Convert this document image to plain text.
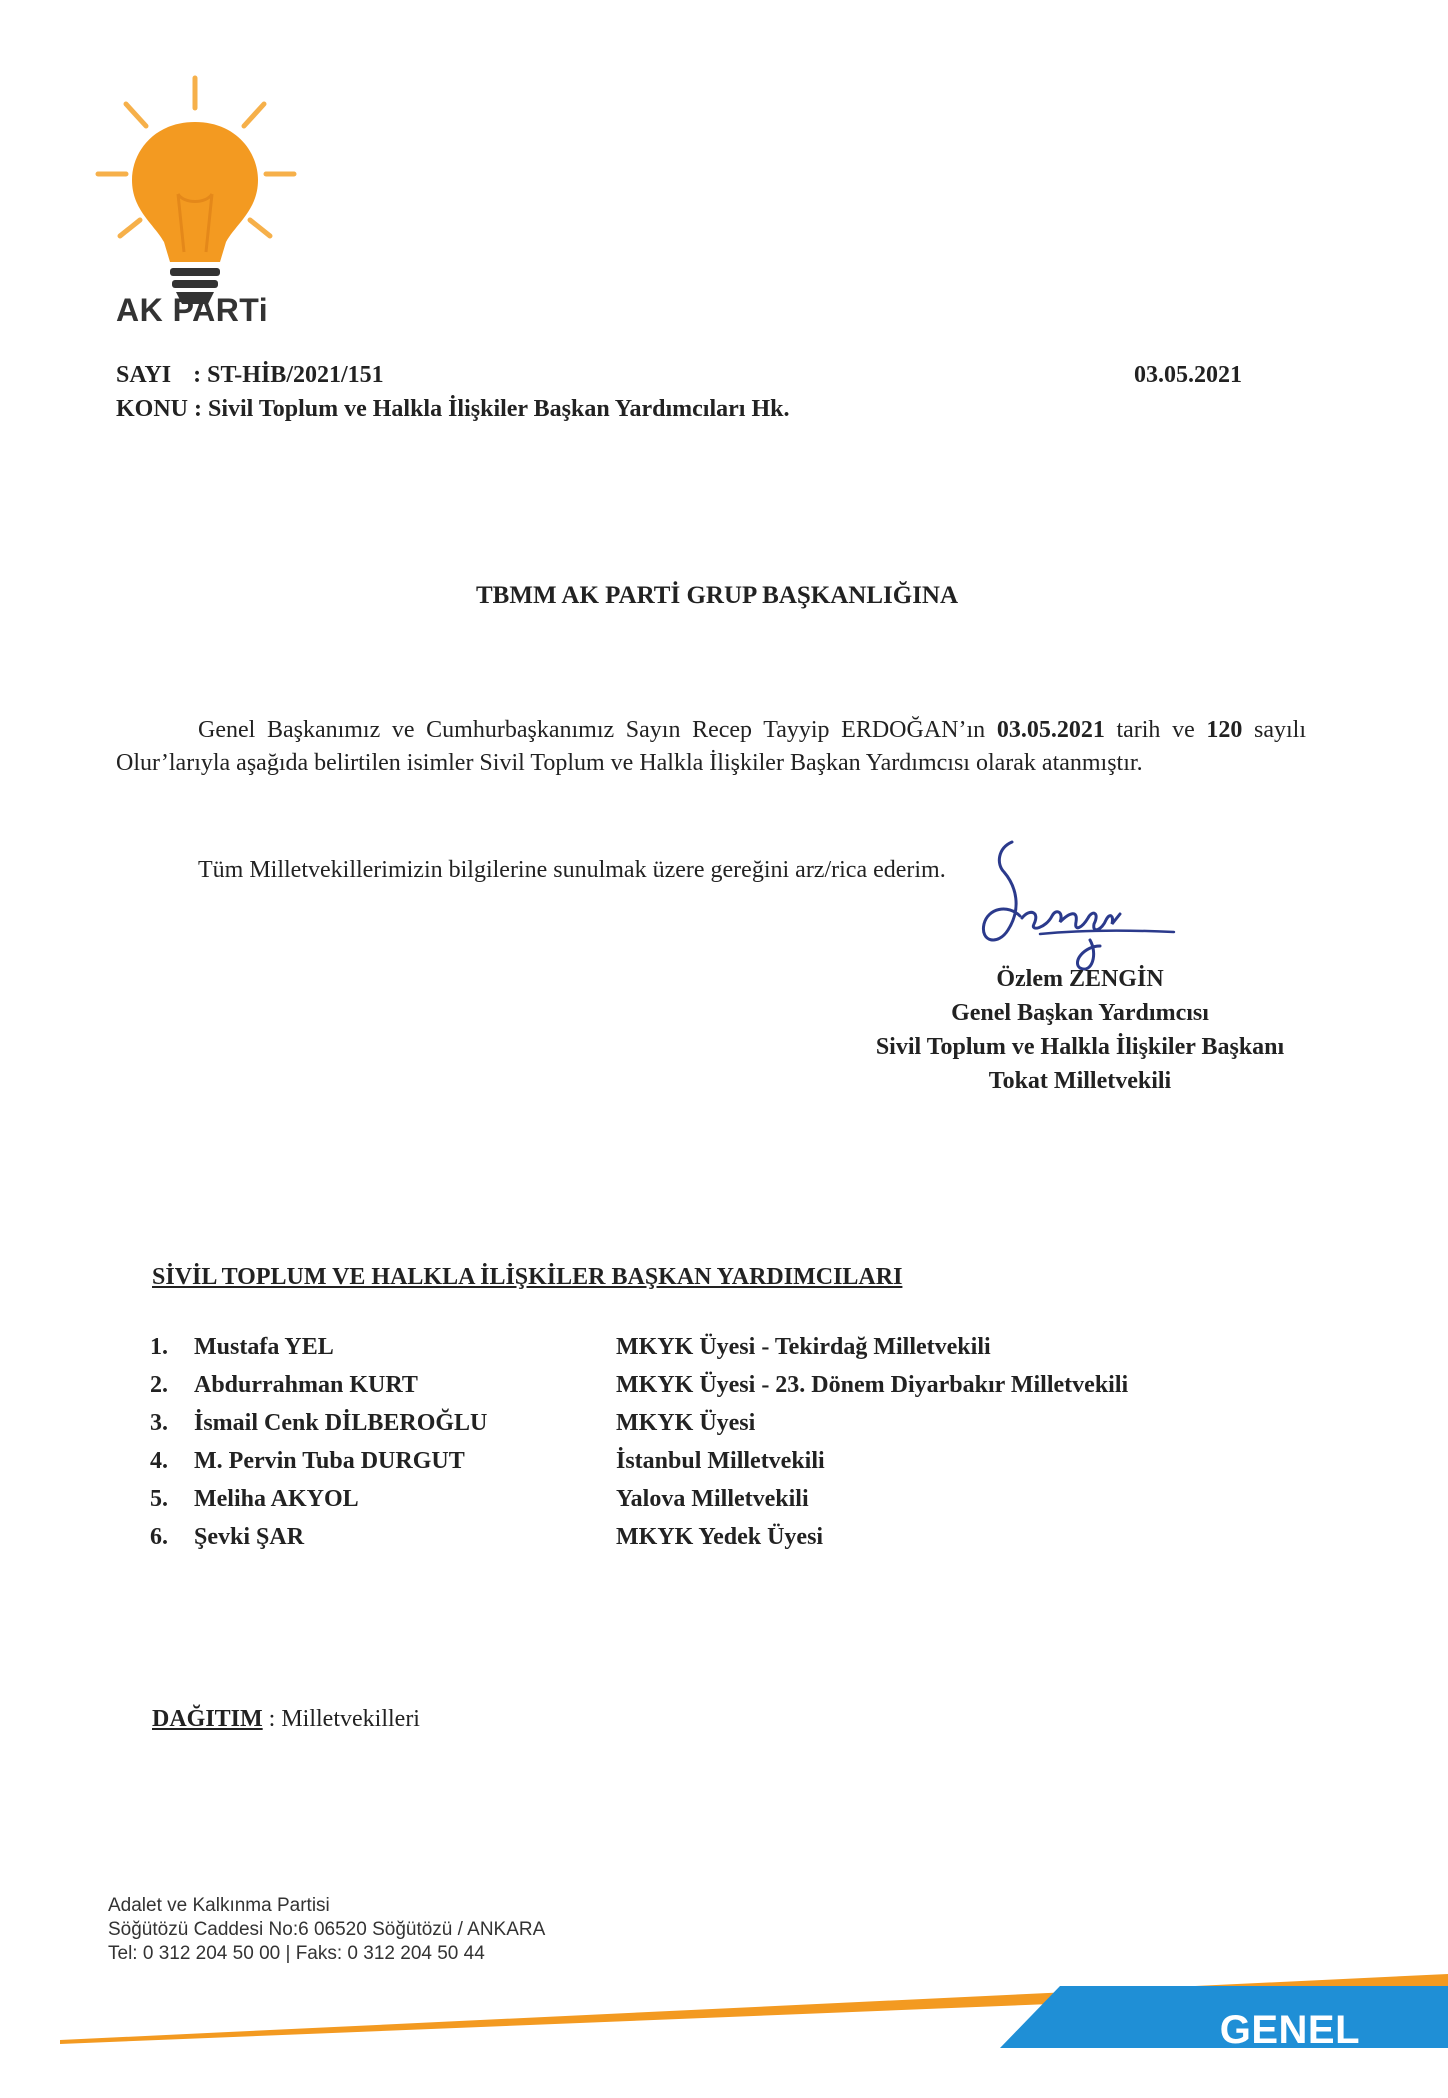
AK PARTi
SAYI : ST-HİB/2021/151
KONU : Sivil Toplum ve Halkla İlişkiler Başkan Yardımcıları Hk.
03.05.2021
TBMM AK PARTİ GRUP BAŞKANLIĞINA
Genel Başkanımız ve Cumhurbaşkanımız Sayın Recep Tayyip ERDOĞAN’ın 03.05.2021 tarih ve 120 sayılı Olur’larıyla aşağıda belirtilen isimler Sivil Toplum ve Halkla İlişkiler Başkan Yardımcısı olarak atanmıştır.
Tüm Milletvekillerimizin bilgilerine sunulmak üzere gereğini arz/rica ederim.
Özlem ZENGİN
Genel Başkan Yardımcısı
Sivil Toplum ve Halkla İlişkiler Başkanı
Tokat Milletvekili
SİVİL TOPLUM VE HALKLA İLİŞKİLER BAŞKAN YARDIMCILARI
1. Mustafa YEL	MKYK Üyesi - Tekirdağ Milletvekili
2. Abdurrahman KURT	MKYK Üyesi - 23. Dönem Diyarbakır Milletvekili
3. İsmail Cenk DİLBEROĞLU	MKYK Üyesi
4. M. Pervin Tuba DURGUT	İstanbul Milletvekili
5. Meliha AKYOL	Yalova Milletvekili
6. Şevki ŞAR	MKYK Yedek Üyesi
DAĞITIM : Milletvekilleri
Adalet ve Kalkınma Partisi
Söğütözü Caddesi No:6 06520 Söğütözü / ANKARA
Tel: 0 312 204 50 00 | Faks: 0 312 204 50 44
GENEL MERKEZ
